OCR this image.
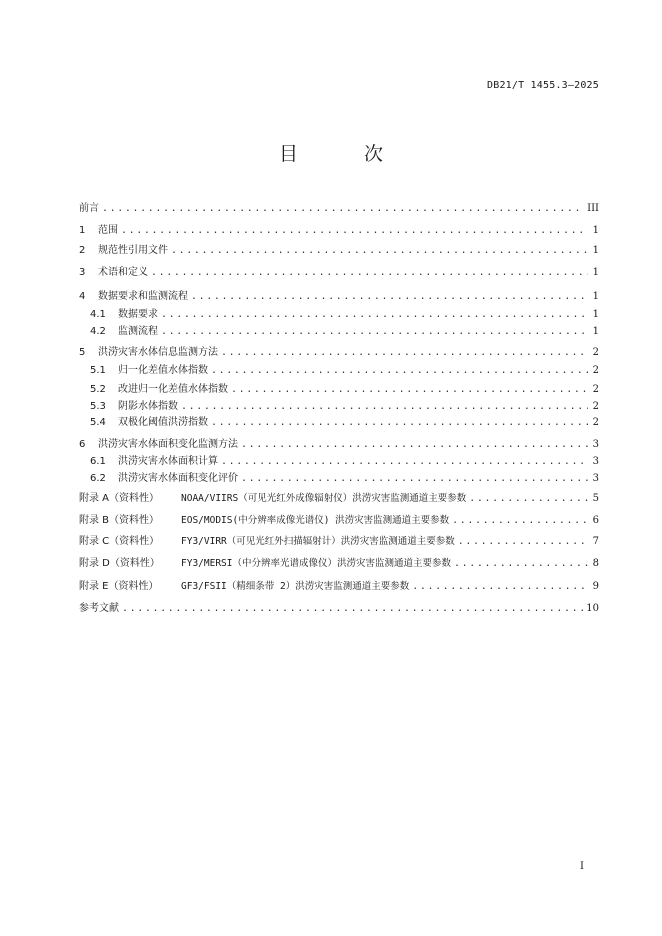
DB21/T 1455.3—2025
目 次
前言 .....	III
1	范围 .....	1
2	规范性引用文件 .....	1
3	术语和定义 .....	1
4	数据要求和监测流程 .....	1
4.1	数据要求 .....	1
4.2	监测流程 .....	1
5	洪涝灾害水体信息监测方法 .....	2
5.1	归一化差值水体指数 .....	2
5.2	改进归一化差值水体指数 .....	2
5.3	阴影水体指数 .....	2
5.4	双极化阈值洪涝指数 .....	2
6	洪涝灾害水体面积变化监测方法 .....	3
6.1	洪涝灾害水体面积计算 .....	3
6.2	洪涝灾害水体面积变化评价 .....	3
附录 A（资料性）	NOAA/VIIRS（可见光红外成像辐射仪）洪涝灾害监测通道主要参数 .....	5
附录 B（资料性）	EOS/MODIS(中分辨率成像光谱仪) 洪涝灾害监测通道主要参数 .....	6
附录 C（资料性）	FY3/VIRR（可见光红外扫描辐射计）洪涝灾害监测通道主要参数 .....	7
附录 D（资料性）	FY3/MERSI（中分辨率光谱成像仪）洪涝灾害监测通道主要参数 .....	8
附录 E（资料性）	GF3/FSII（精细条带 2）洪涝灾害监测通道主要参数 .....	9
参考文献 .....	10
I
